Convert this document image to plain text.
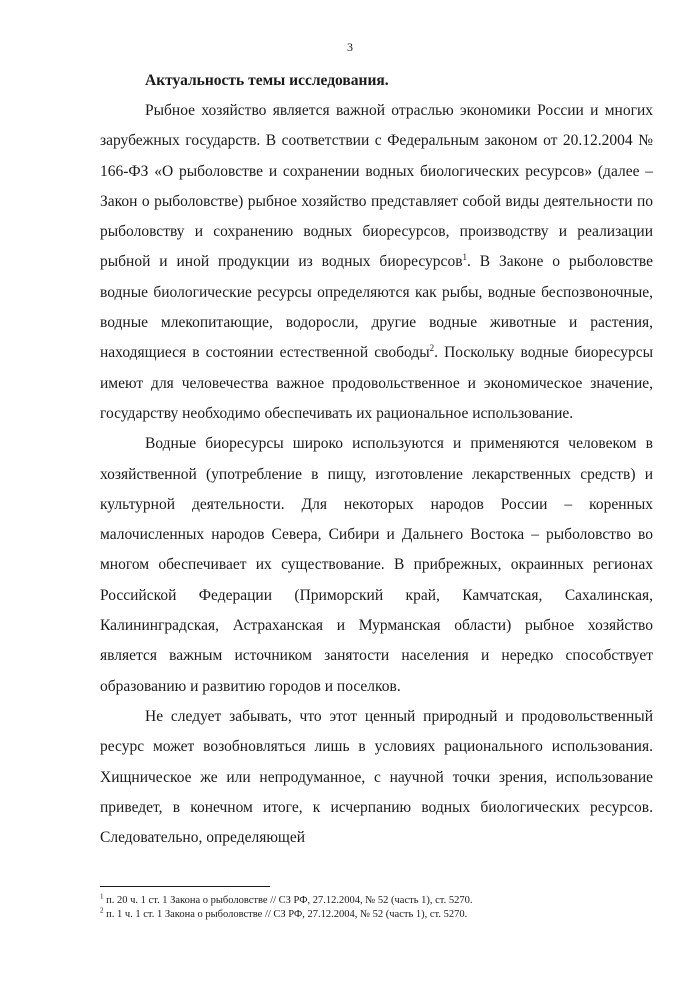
3

Актуальность темы исследования.

Рыбное хозяйство является важной отраслью экономики России и многих зарубежных государств. В соответствии с Федеральным законом от 20.12.2004 № 166-ФЗ «О рыболовстве и сохранении водных биологических ресурсов» (далее – Закон о рыболовстве) рыбное хозяйство представляет собой виды деятельности по рыболовству и сохранению водных биоресурсов, производству и реализации рыбной и иной продукции из водных биоресурсов$^1$. В Законе о рыболовстве водные биологические ресурсы определяются как рыбы, водные беспозвоночные, водные млекопитающие, водоросли, другие водные животные и растения, находящиеся в состоянии естественной свободы$^2$. Поскольку водные биоресурсы имеют для человечества важное продовольственное и экономическое значение, государству необходимо обеспечивать их рациональное использование.

Водные биоресурсы широко используются и применяются человеком в хозяйственной (употребление в пищу, изготовление лекарственных средств) и культурной деятельности. Для некоторых народов России – коренных малочисленных народов Севера, Сибири и Дальнего Востока – рыболовство во многом обеспечивает их существование. В прибрежных, окраинных регионах Российской Федерации (Приморский край, Камчатская, Сахалинская, Калининградская, Астраханская и Мурманская области) рыбное хозяйство является важным источником занятости населения и нередко способствует образованию и развитию городов и поселков.

Не следует забывать, что этот ценный природный и продовольственный ресурс может возобновляться лишь в условиях рационального использования. Хищническое же или непродуманное, с научной точки зрения, использование приведет, в конечном итоге, к исчерпанию водных биологических ресурсов. Следовательно, определяющей

$^1$ п. 20 ч. 1 ст. 1 Закона о рыболовстве // СЗ РФ, 27.12.2004, № 52 (часть 1), ст. 5270.

$^2$ п. 1 ч. 1 ст. 1 Закона о рыболовстве // СЗ РФ, 27.12.2004, № 52 (часть 1), ст. 5270.
